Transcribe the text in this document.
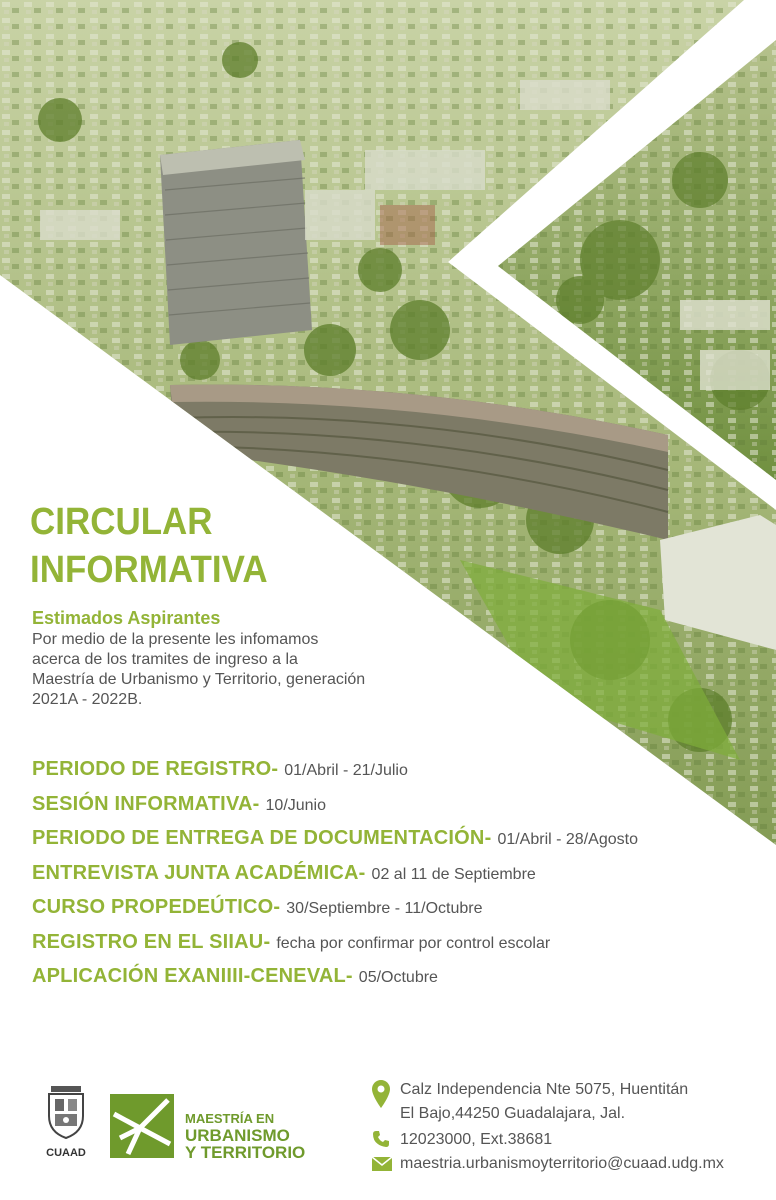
CIRCULAR
INFORMATIVA
Estimados Aspirantes
Por medio de la presente les infomamos
acerca de los tramites de ingreso a la
Maestría de Urbanismo y Territorio, generación
2021A - 2022B.
PERIODO DE REGISTRO- 01/Abril - 21/Julio
SESIÓN INFORMATIVA- 10/Junio
PERIODO DE ENTREGA DE DOCUMENTACIÓN- 01/Abril - 28/Agosto
ENTREVISTA JUNTA ACADÉMICA- 02 al 11 de Septiembre
CURSO PROPEDEÚTICO- 30/Septiembre - 11/Octubre
REGISTRO EN EL SIIAU- fecha por confirmar por control escolar
APLICACIÓN EXANIIII-CENEVAL- 05/Octubre
CUAAD
MAESTRÍA EN
URBANISMO
Y TERRITORIO
Calz Independencia Nte 5075, Huentitán
El Bajo,44250 Guadalajara, Jal.
12023000, Ext.38681
maestria.urbanismoyterritorio@cuaad.udg.mx
